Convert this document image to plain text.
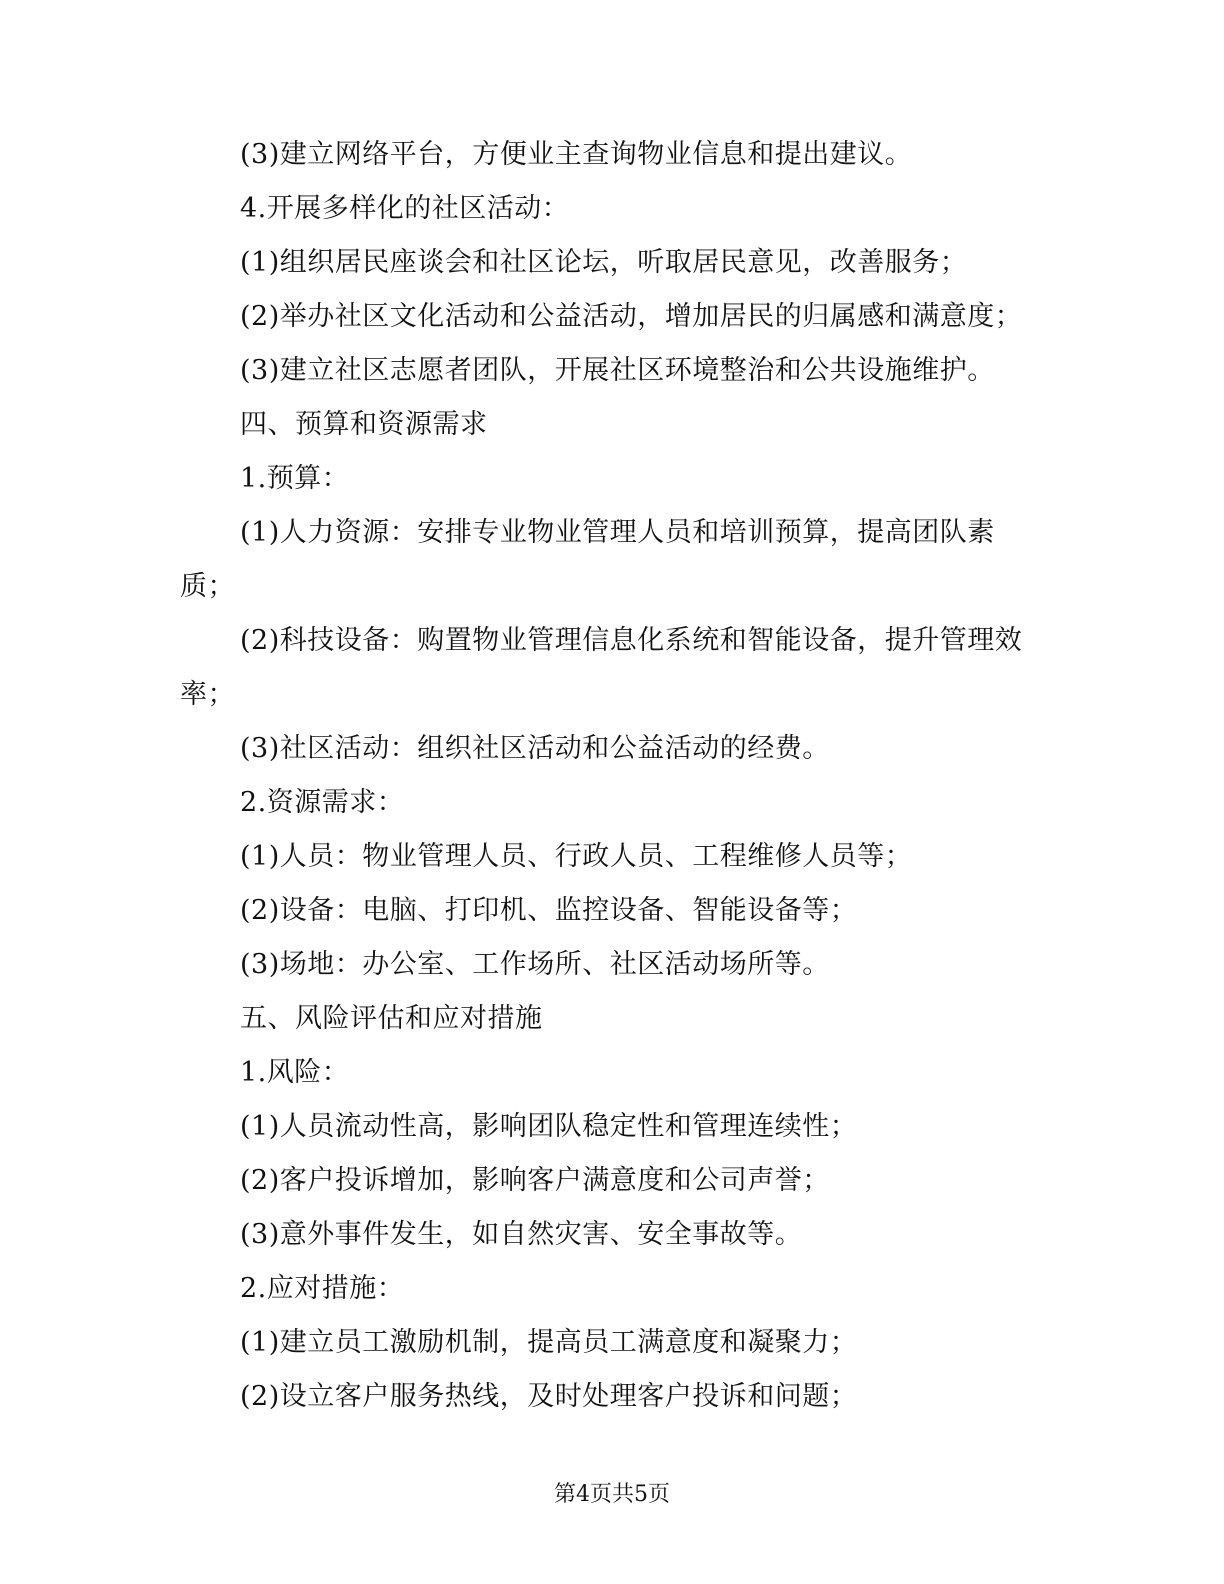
(3)建立网络平台，方便业主查询物业信息和提出建议。
4.开展多样化的社区活动：
(1)组织居民座谈会和社区论坛，听取居民意见，改善服务；
(2)举办社区文化活动和公益活动，增加居民的归属感和满意度；
(3)建立社区志愿者团队，开展社区环境整治和公共设施维护。
四、预算和资源需求
1.预算：
(1)人力资源：安排专业物业管理人员和培训预算，提高团队素
质；
(2)科技设备：购置物业管理信息化系统和智能设备，提升管理效
率；
(3)社区活动：组织社区活动和公益活动的经费。
2.资源需求：
(1)人员：物业管理人员、行政人员、工程维修人员等；
(2)设备：电脑、打印机、监控设备、智能设备等；
(3)场地：办公室、工作场所、社区活动场所等。
五、风险评估和应对措施
1.风险：
(1)人员流动性高，影响团队稳定性和管理连续性；
(2)客户投诉增加，影响客户满意度和公司声誉；
(3)意外事件发生，如自然灾害、安全事故等。
2.应对措施：
(1)建立员工激励机制，提高员工满意度和凝聚力；
(2)设立客户服务热线，及时处理客户投诉和问题；
第4页共5页
